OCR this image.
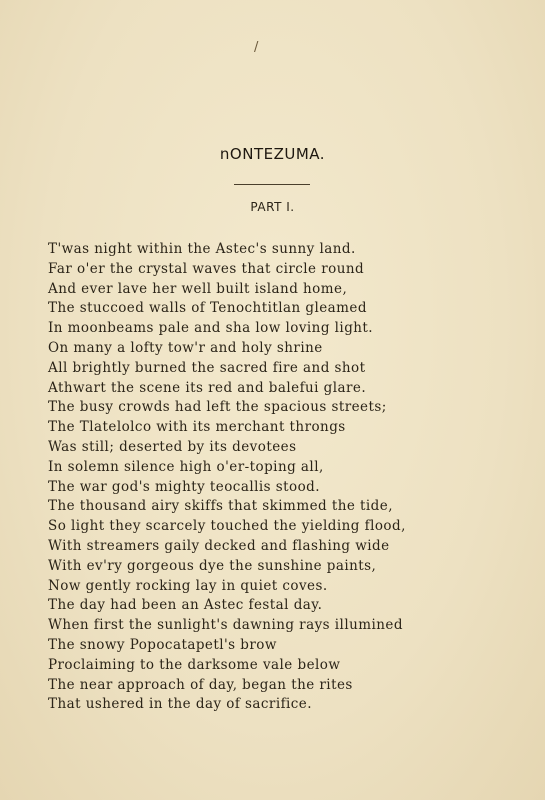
/
nONTEZUMA.
PART I.
T'was night within the Astec's sunny land.
Far o'er the crystal waves that circle round
And ever lave her well built island home,
The stuccoed walls of Tenochtitlan gleamed
In moonbeams pale and sha low loving light.
On many a lofty tow'r and holy shrine
All brightly burned the sacred fire and shot
Athwart the scene its red and balefui glare.
The busy crowds had left the spacious streets;
The Tlatelolco with its merchant throngs
Was still; deserted by its devotees
In solemn silence high o'er-toping all,
The war god's mighty teocallis stood.
The thousand airy skiffs that skimmed the tide,
So light they scarcely touched the yielding flood,
With streamers gaily decked and flashing wide
With ev'ry gorgeous dye the sunshine paints,
Now gently rocking lay in quiet coves.
The day had been an Astec festal day.
When first the sunlight's dawning rays illumined
The snowy Popocatapetl's brow
Proclaiming to the darksome vale below
The near approach of day, began the rites
That ushered in the day of sacrifice.
